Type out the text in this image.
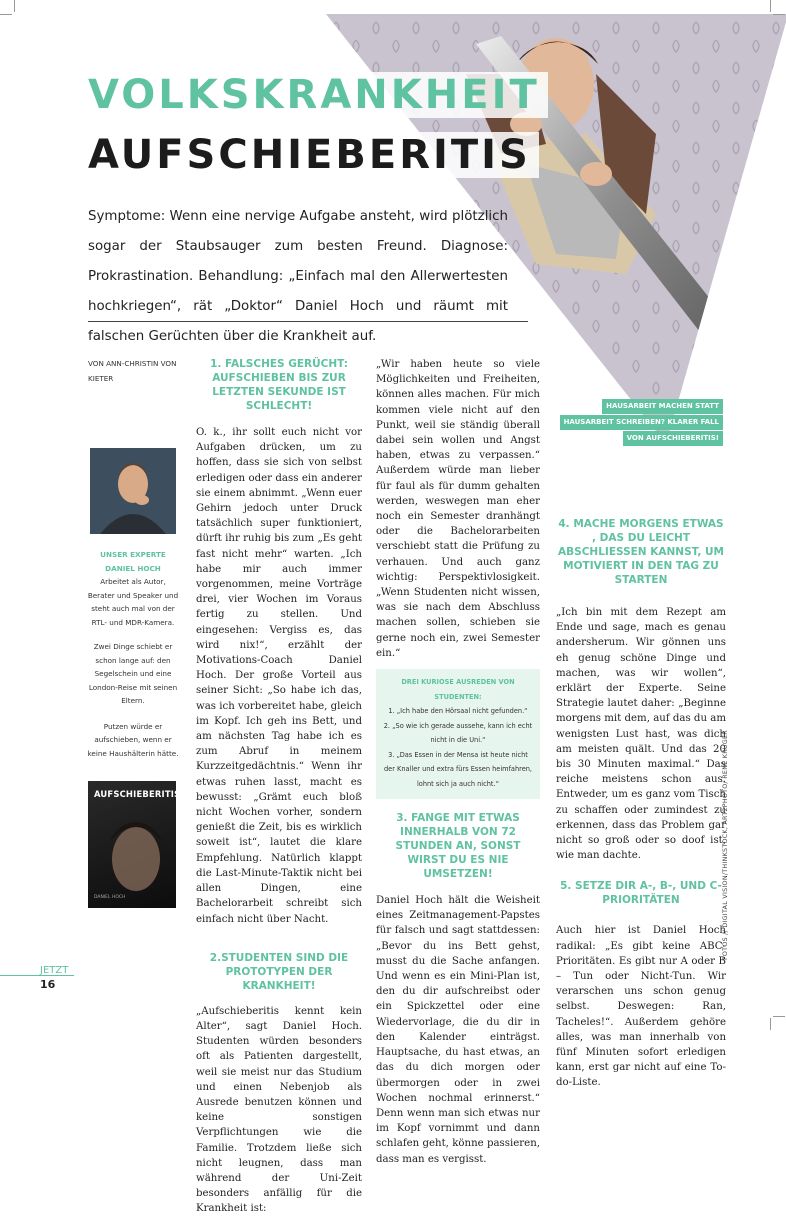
VOLKSKRANKHEIT
AUFSCHIEBERITIS

Symptome: Wenn eine nervige Aufgabe ansteht, wird plötzlich sogar der Staubsauger zum besten Freund. Diagnose: Prokrastination. Behandlung: „Einfach mal den Allerwertesten hochkriegen“, rät „Doktor“ Daniel Hoch und räumt mit falschen Gerüchten über die Krankheit auf.

HAUSARBEIT MACHEN STATT
HAUSARBEIT SCHREIBEN? KLARER FALL
VON AUFSCHIEBERITIS!
VON ANN-CHRISTIN VON KIETER
UNSER EXPERTE
DANIEL HOCH
Arbeitet als Autor, Berater und Speaker und steht auch mal von der RTL- und MDR-Kamera.
Zwei Dinge schiebt er schon lange auf: den Segelschein und eine London-Reise mit seinen Eltern.
Putzen würde er aufschieben, wenn er keine Haushälterin hätte.
AUFSCHIEBERITIS
DANIEL HOCH
1. FALSCHES GERÜCHT: AUFSCHIEBEN BIS ZUR LETZTEN SEKUNDE IST SCHLECHT!

O. k., ihr sollt euch nicht vor Aufgaben drücken, um zu hoffen, dass sie sich von selbst erledigen oder dass ein anderer sie einem abnimmt. „Wenn euer Gehirn jedoch unter Druck tatsächlich super funktioniert, dürft ihr ruhig bis zum „Es geht fast nicht mehr“ warten. „Ich habe mir auch immer vorgenommen, meine Vorträge drei, vier Wochen im Voraus fertig zu stellen. Und eingesehen: Vergiss es, das wird nix!“, erzählt der Motivations-Coach Daniel Hoch. Der große Vorteil aus seiner Sicht: „So habe ich das, was ich vorbereitet habe, gleich im Kopf. Ich geh ins Bett, und am nächsten Tag habe ich es zum Abruf in meinem Kurzzeitgedächtnis.“ Wenn ihr etwas ruhen lasst, macht es bewusst: „Grämt euch bloß nicht Wochen vorher, sondern genießt die Zeit, bis es wirklich soweit ist“, lautet die klare Empfehlung. Natürlich klappt die Last-Minute-Taktik nicht bei allen Dingen, eine Bachelorarbeit schreibt sich einfach nicht über Nacht.

2.STUDENTEN SIND DIE PROTOTYPEN DER KRANKHEIT!

„Aufschieberitis kennt kein Alter“, sagt Daniel Hoch. Studenten würden besonders oft als Patienten dargestellt, weil sie meist nur das Studium und einen Nebenjob als Ausrede benutzen können und keine sonstigen Verpflichtungen wie die Familie. Trotzdem ließe sich nicht leugnen, dass man während der Uni-Zeit besonders anfällig für die Krankheit ist:

„Wir haben heute so viele Möglichkeiten und Freiheiten, können alles machen. Für mich kommen viele nicht auf den Punkt, weil sie ständig überall dabei sein wollen und Angst haben, etwas zu verpassen.“ Außerdem würde man lieber für faul als für dumm gehalten werden, weswegen man eher noch ein Semester dranhängt oder die Bachelorarbeiten verschiebt statt die Prüfung zu verhauen. Und auch ganz wichtig: Perspektivlosigkeit. „Wenn Studenten nicht wissen, was sie nach dem Abschluss machen sollen, schieben sie gerne noch ein, zwei Semester ein.“

DREI KURIOSE AUSREDEN VON STUDENTEN:
1. „Ich habe den Hörsaal nicht gefunden.“
2. „So wie ich gerade aussehe, kann ich echt nicht in die Uni.“
3. „Das Essen in der Mensa ist heute nicht der Knaller und extra fürs Essen heimfahren, lohnt sich ja auch nicht.“
3. FANGE MIT ETWAS INNERHALB VON 72 STUNDEN AN, SONST WIRST DU ES NIE UMSETZEN!

Daniel Hoch hält die Weisheit eines Zeitmanagement-Papstes für falsch und sagt stattdessen: „Bevor du ins Bett gehst, musst du die Sache anfangen. Und wenn es ein Mini-Plan ist, den du dir aufschreibst oder ein Spickzettel oder eine Wiedervorlage, die du dir in den Kalender einträgst. Hauptsache, du hast etwas, an das du dich morgen oder übermorgen oder in zwei Wochen nochmal erinnerst.“ Denn wenn man sich etwas nur im Kopf vornimmt und dann schlafen geht, könne passieren, dass man es vergisst.

4. MACHE MORGENS ETWAS , DAS DU LEICHT ABSCHLIESSEN KANNST, UM MOTIVIERT IN DEN TAG ZU STARTEN

„Ich bin mit dem Rezept am Ende und sage, mach es genau andersherum. Wir gönnen uns eh genug schöne Dinge und machen, was wir wollen“, erklärt der Experte. Seine Strategie lautet daher: „Beginne morgens mit dem, auf das du am wenigsten Lust hast, was dich am meisten quält. Und das 20 bis 30 Minuten maximal.“ Das reiche meistens schon aus. Entweder, um es ganz vom Tisch zu schaffen oder zumindest zu erkennen, dass das Problem gar nicht so groß oder so doof ist, wie man dachte.

5. SETZE DIR A-, B-, UND C-PRIORITÄTEN

Auch hier ist Daniel Hoch radikal: „Es gibt keine ABC-Prioritäten. Es gibt nur A oder B – Tun oder Nicht-Tun. Wir verarschen uns schon genug selbst. Deswegen: Ran, Tacheles!“. Außerdem gehöre alles, was man innerhalb von fünf Minuten sofort erledigen kann, erst gar nicht auf eine To-do-Liste.

FOTOS // DIGITAL VISION/THINKSTOCK, ART2PHOTO/ RENÉ KRÜGER
JETZT
16
